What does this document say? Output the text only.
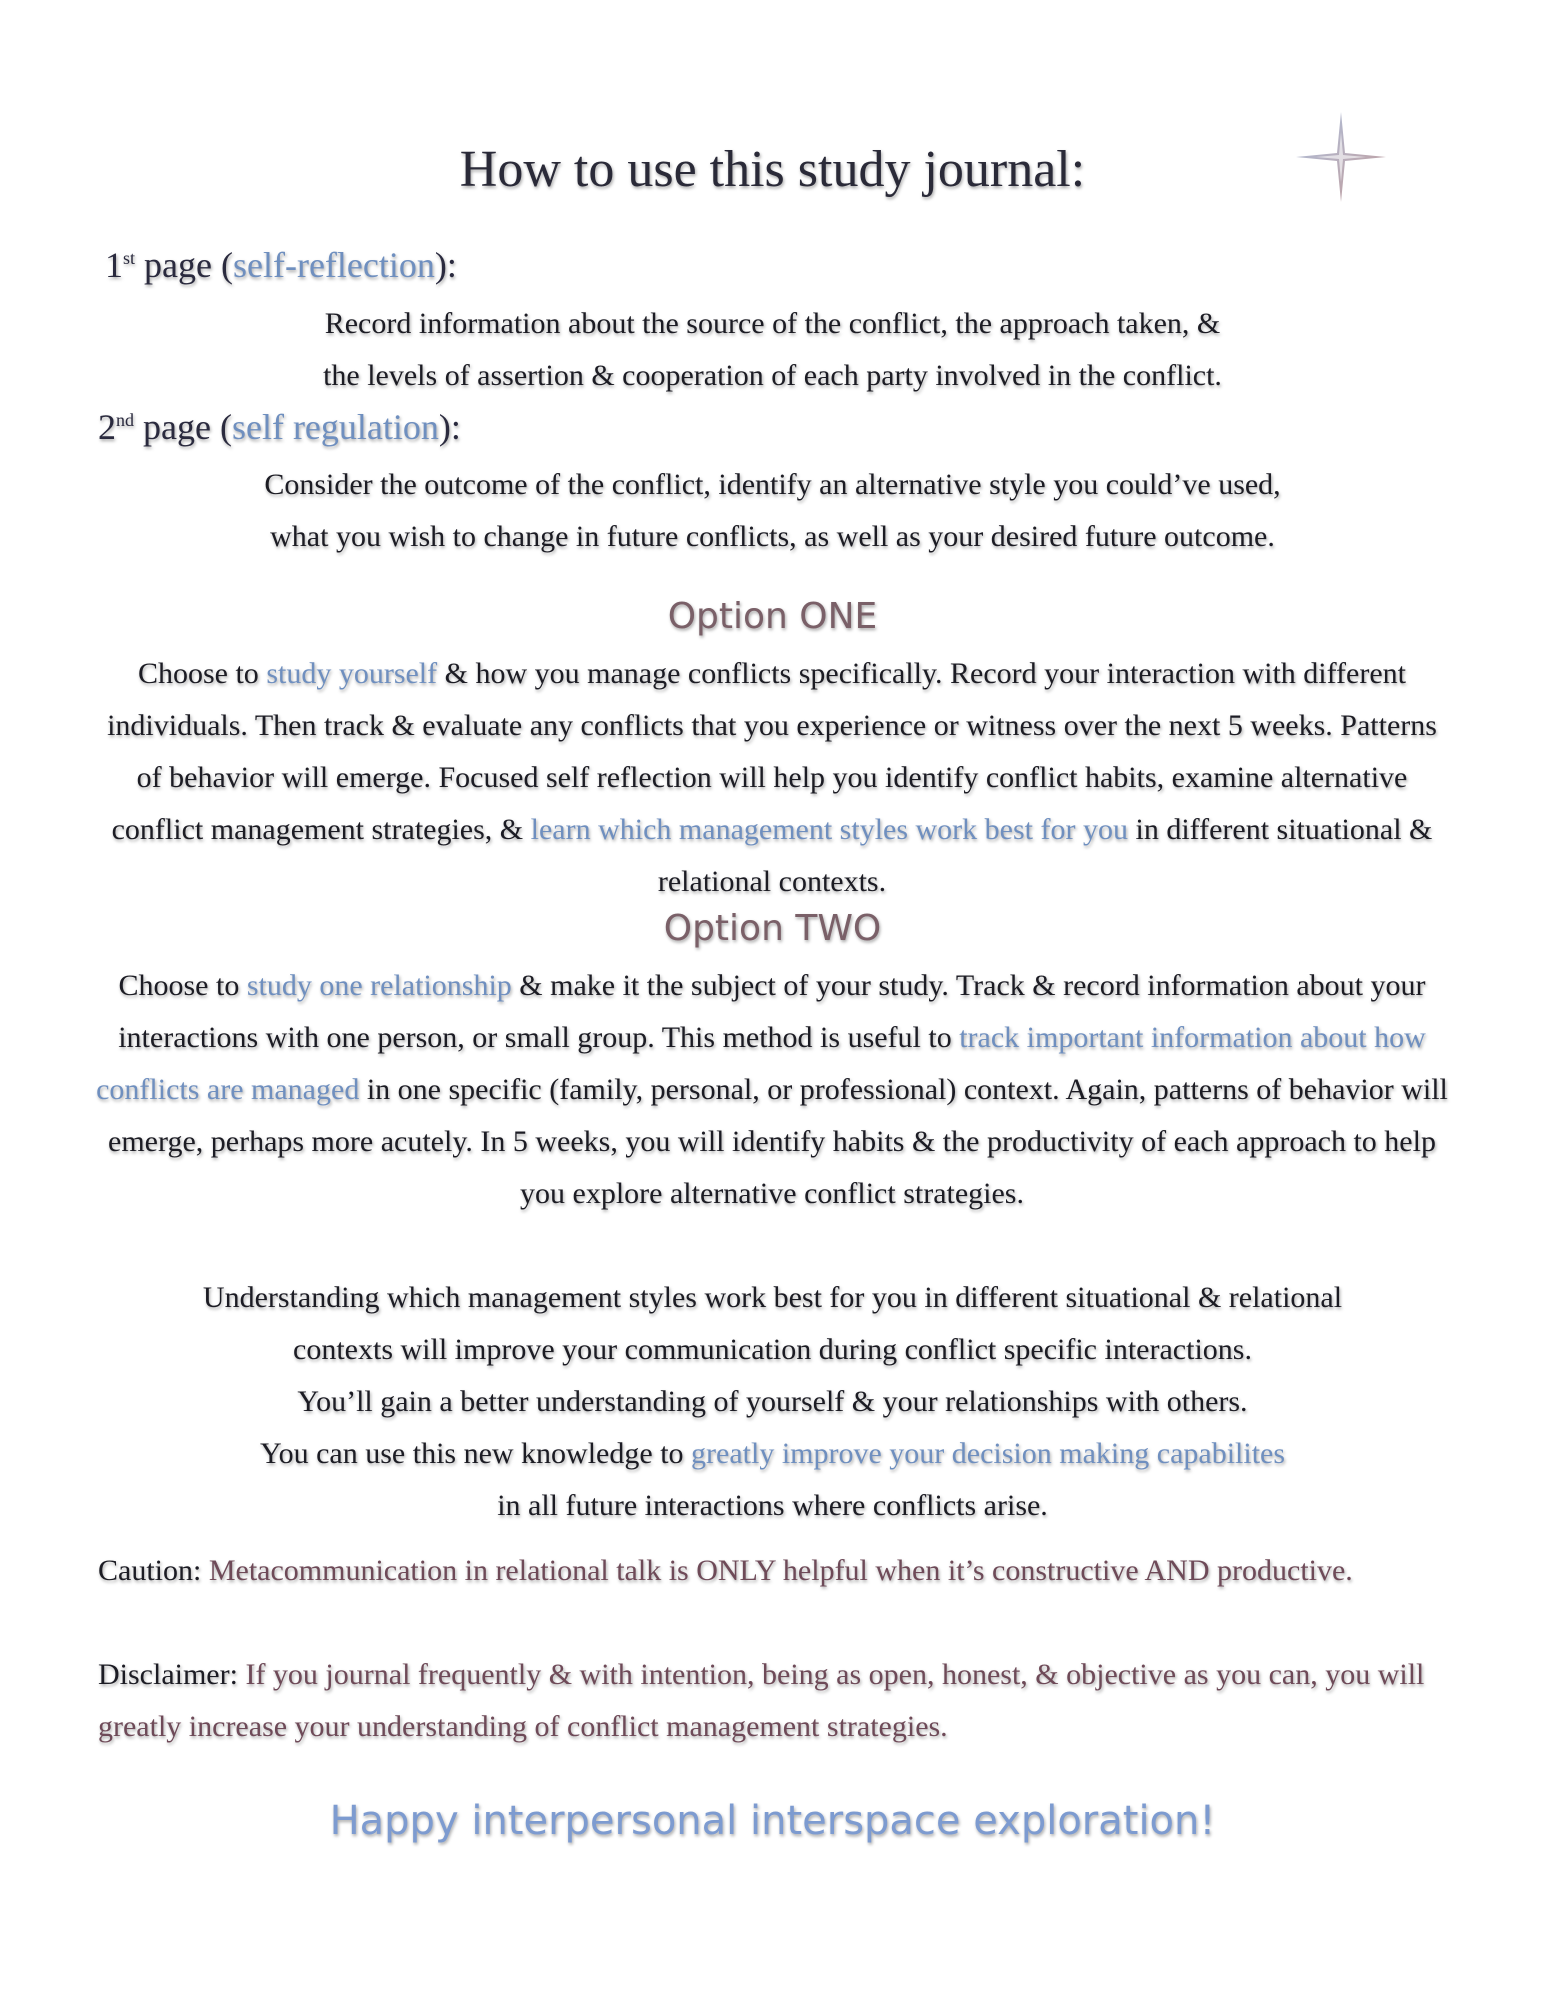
How to use this study journal:
1st page (self-reflection):
Record information about the source of the conflict, the approach taken, &
the levels of assertion & cooperation of each party involved in the conflict.
2nd page (self regulation):
Consider the outcome of the conflict, identify an alternative style you could’ve used,
what you wish to change in future conflicts, as well as your desired future outcome.
Option ONE
Choose to study yourself & how you manage conflicts specifically. Record your interaction with different individuals. Then track & evaluate any conflicts that you experience or witness over the next 5 weeks. Patterns of behavior will emerge. Focused self reflection will help you identify conflict habits, examine alternative conflict management strategies, & learn which management styles work best for you in different situational & relational contexts.
Option TWO
Choose to study one relationship & make it the subject of your study. Track & record information about your interactions with one person, or small group. This method is useful to track important information about how conflicts are managed in one specific (family, personal, or professional) context. Again, patterns of behavior will emerge, perhaps more acutely. In 5 weeks, you will identify habits & the productivity of each approach to help you explore alternative conflict strategies.
Understanding which management styles work best for you in different situational & relational
contexts will improve your communication during conflict specific interactions.
You’ll gain a better understanding of yourself & your relationships with others.
You can use this new knowledge to greatly improve your decision making capabilites
in all future interactions where conflicts arise.
Caution: Metacommunication in relational talk is ONLY helpful when it’s constructive AND productive.
Disclaimer: If you journal frequently & with intention, being as open, honest, & objective as you can, you will greatly increase your understanding of conflict management strategies.
Happy interpersonal interspace exploration!
